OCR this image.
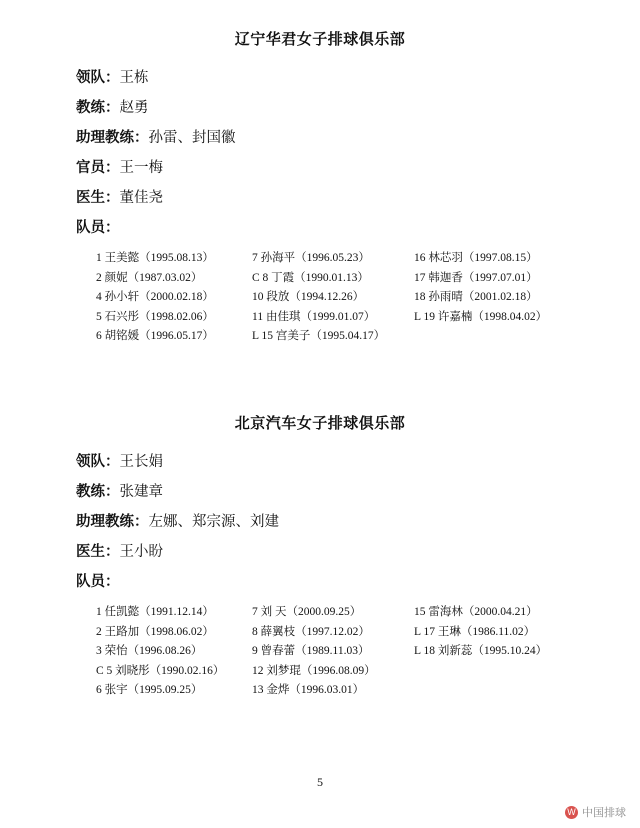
辽宁华君女子排球俱乐部
领队：王栋
教练：赵勇
助理教练：孙雷、封国徽
官员：王一梅
医生：董佳尧
队员：
1 王美懿（1995.08.13）	7 孙海平（1996.05.23）	16 林芯羽（1997.08.15）
2 颜妮（1987.03.02）	C 8 丁霞（1990.01.13）	17 韩迦香（1997.07.01）
4 孙小轩（2000.02.18）	10 段放（1994.12.26）	18 孙雨晴（2001.02.18）
5 石兴彤（1998.02.06）	11 由佳琪（1999.01.07）	L 19 许嘉楠（1998.04.02）
6 胡铭媛（1996.05.17）	L 15 宫美子（1995.04.17）

北京汽车女子排球俱乐部
领队：王长娟
教练：张建章
助理教练：左娜、郑宗源、刘建
医生：王小盼
队员：
1 任凯懿（1991.12.14）	7 刘 天（2000.09.25）	15 雷海林（2000.04.21）
2 王路加（1998.06.02）	8 薛翼枝（1997.12.02）	L 17 王琳（1986.11.02）
3 荣怡（1996.08.26）	9 曾春蕾（1989.11.03）	L 18 刘新蕊（1995.10.24）
C 5 刘晓彤（1990.02.16）	12 刘梦琨（1996.08.09）

6 张宇（1995.09.25）	13 金烨（1996.03.01）

5
W 中国排球
